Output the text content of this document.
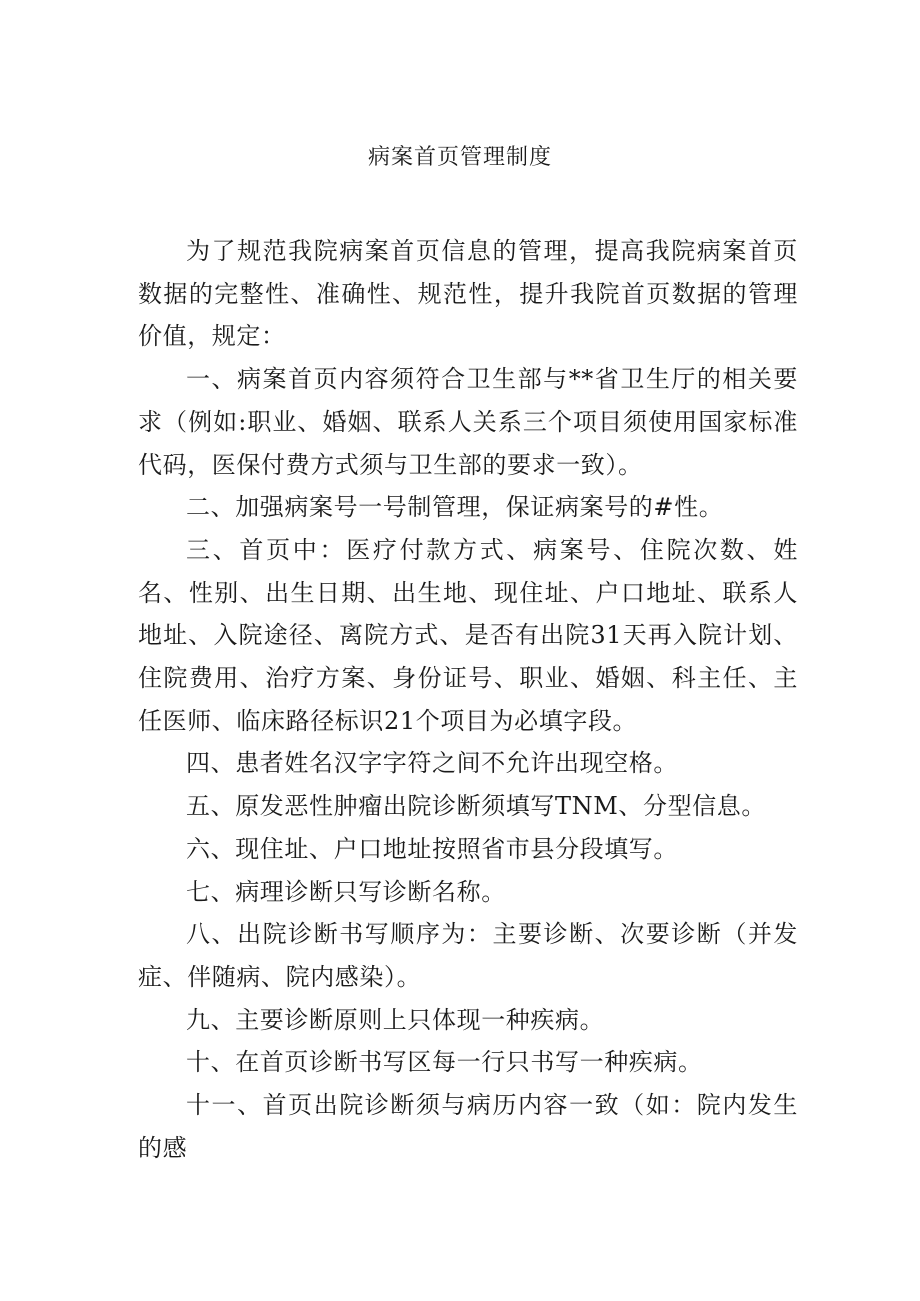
病案首页管理制度

为了规范我院病案首页信息的管理，提高我院病案首页数据的完整性、准确性、规范性，提升我院首页数据的管理价值，规定：

一、病案首页内容须符合卫生部与**省卫生厅的相关要求（例如:职业、婚姻、联系人关系三个项目须使用国家标准代码，医保付费方式须与卫生部的要求一致）。

二、加强病案号一号制管理，保证病案号的#性。

三、首页中：医疗付款方式、病案号、住院次数、姓名、性别、出生日期、出生地、现住址、户口地址、联系人地址、入院途径、离院方式、是否有出院31天再入院计划、住院费用、治疗方案、身份证号、职业、婚姻、科主任、主任医师、临床路径标识21个项目为必填字段。

四、患者姓名汉字字符之间不允许出现空格。

五、原发恶性肿瘤出院诊断须填写TNM、分型信息。

六、现住址、户口地址按照省市县分段填写。

七、病理诊断只写诊断名称。

八、出院诊断书写顺序为：主要诊断、次要诊断（并发症、伴随病、院内感染）。

九、主要诊断原则上只体现一种疾病。

十、在首页诊断书写区每一行只书写一种疾病。

十一、首页出院诊断须与病历内容一致（如：院内发生的感
